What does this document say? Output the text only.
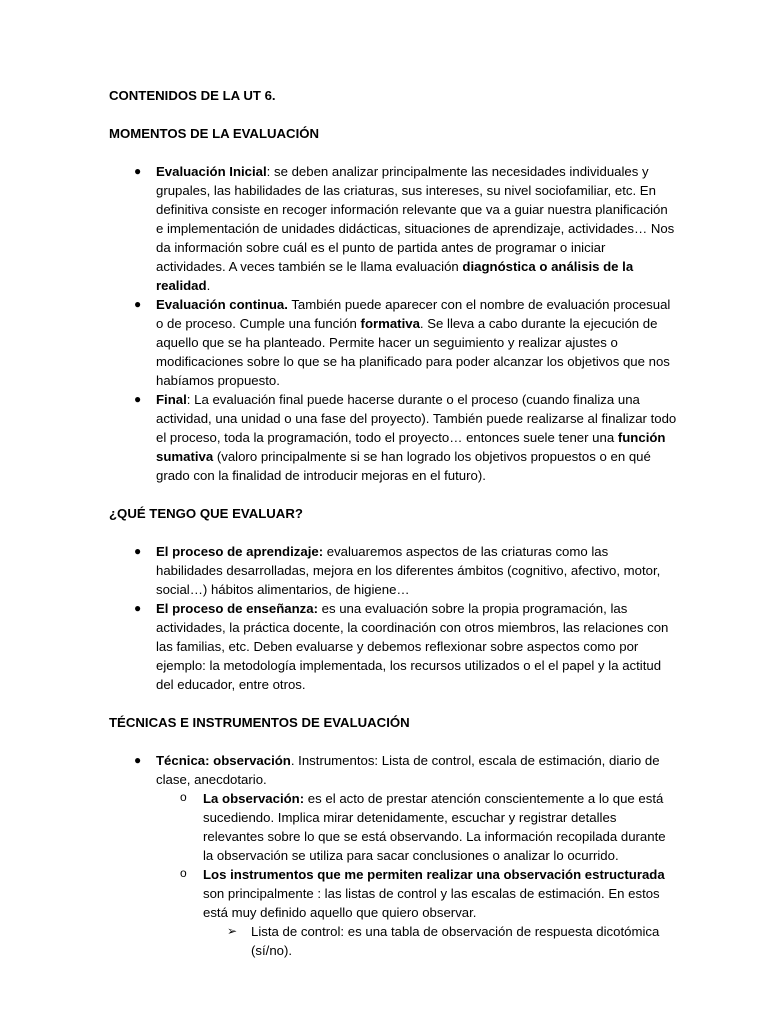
CONTENIDOS DE LA UT 6.
MOMENTOS DE LA EVALUACIÓN
● Evaluación Inicial: se deben analizar principalmente las necesidades individuales y grupales, las habilidades de las criaturas, sus intereses, su nivel sociofamiliar, etc. En definitiva consiste en recoger información relevante que va a guiar nuestra planificación e implementación de unidades didácticas, situaciones de aprendizaje, actividades… Nos da información sobre cuál es el punto de partida antes de programar o iniciar actividades. A veces también se le llama evaluación diagnóstica o análisis de la realidad.
● Evaluación continua. También puede aparecer con el nombre de evaluación procesual o de proceso. Cumple una función formativa. Se lleva a cabo durante la ejecución de aquello que se ha planteado. Permite hacer un seguimiento y realizar ajustes o modificaciones sobre lo que se ha planificado para poder alcanzar los objetivos que nos habíamos propuesto.
● Final: La evaluación final puede hacerse durante o el proceso (cuando finaliza una actividad, una unidad o una fase del proyecto). También puede realizarse al finalizar todo el proceso, toda la programación, todo el proyecto… entonces suele tener una función sumativa (valoro principalmente si se han logrado los objetivos propuestos o en qué grado con la finalidad de introducir mejoras en el futuro).
¿QUÉ TENGO QUE EVALUAR?
● El proceso de aprendizaje: evaluaremos aspectos de las criaturas como las habilidades desarrolladas, mejora en los diferentes ámbitos (cognitivo, afectivo, motor, social…) hábitos alimentarios, de higiene…
● El proceso de enseñanza: es una evaluación sobre la propia programación, las actividades, la práctica docente, la coordinación con otros miembros, las relaciones con las familias, etc. Deben evaluarse y debemos reflexionar sobre aspectos como por ejemplo: la metodología implementada, los recursos utilizados o el el papel y la actitud del educador, entre otros.
TÉCNICAS E INSTRUMENTOS DE EVALUACIÓN
● Técnica: observación. Instrumentos: Lista de control, escala de estimación, diario de clase, anecdotario.
o La observación: es el acto de prestar atención conscientemente a lo que está sucediendo. Implica mirar detenidamente, escuchar y registrar detalles relevantes sobre lo que se está observando. La información recopilada durante la observación se utiliza para sacar conclusiones o analizar lo ocurrido.
o Los instrumentos que me permiten realizar una observación estructurada son principalmente : las listas de control y las escalas de estimación. En estos está muy definido aquello que quiero observar.
➢ Lista de control: es una tabla de observación de respuesta dicotómica (sí/no).
